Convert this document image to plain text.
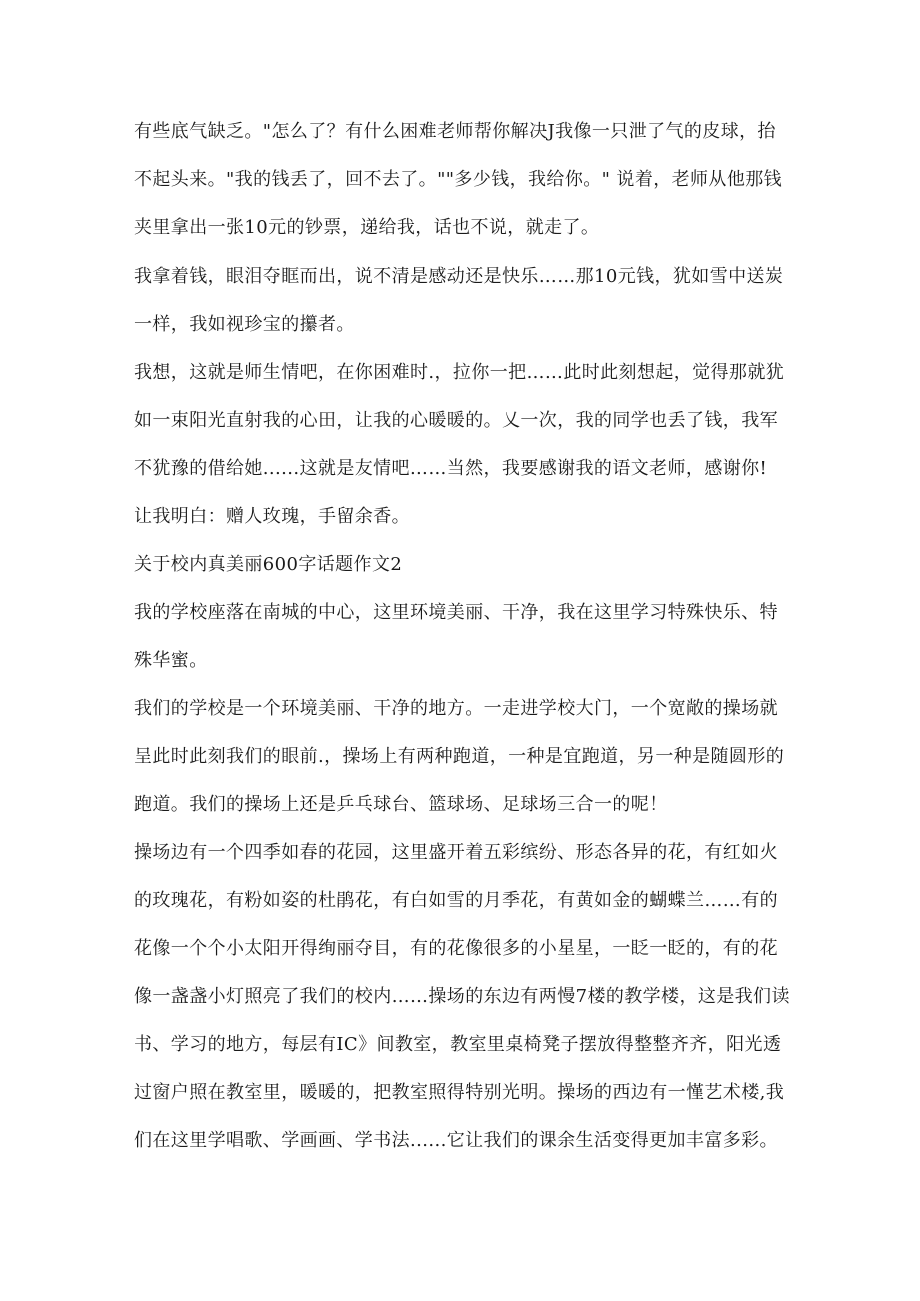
有些底气缺乏。"怎么了？有什么困难老师帮你解决J我像一只泄了气的皮球，抬
不起头来。"我的钱丢了，回不去了。""多少钱，我给你。" 说着，老师从他那钱
夹里拿出一张10元的钞票，递给我，话也不说，就走了。
我拿着钱，眼泪夺眶而出，说不清是感动还是快乐……那10元钱，犹如雪中送炭
一样，我如视珍宝的攥者。
我想，这就是师生情吧，在你困难时.，拉你一把……此时此刻想起，觉得那就犹
如一束阳光直射我的心田，让我的心暖暖的。乂一次，我的同学也丢了钱，我军
不犹豫的借给她......这就是友情吧……当然，我要感谢我的语文老师，感谢你!
让我明白：赠人玫瑰，手留余香。
关于校内真美丽600字话题作文2
我的学校座落在南城的中心，这里环境美丽、干净，我在这里学习特殊快乐、特
殊华蜜。
我们的学校是一个环境美丽、干净的地方。一走进学校大门，一个宽敞的操场就
呈此时此刻我们的眼前.，操场上有两种跑道，一种是宜跑道，另一种是随圆形的
跑道。我们的操场上还是乒乓球台、篮球场、足球场三合一的呢！
操场边有一个四季如春的花园，这里盛开着五彩缤纷、形态各异的花，有红如火
的玫瑰花，有粉如姿的杜鹃花，有白如雪的月季花，有黄如金的蝴蝶兰……有的
花像一个个小太阳开得绚丽夺目，有的花像很多的小星星，一眨一眨的，有的花
像一盏盏小灯照亮了我们的校内……操场的东边有两慢7楼的教学楼，这是我们读
书、学习的地方，每层有IC》间教室，教室里桌椅凳子摆放得整整齐齐，阳光透
过窗户照在教室里，暖暖的，把教室照得特别光明。操场的西边有一慬艺术楼,我
们在这里学唱歌、学画画、学书法......它让我们的课余生活变得更加丰富多彩。
